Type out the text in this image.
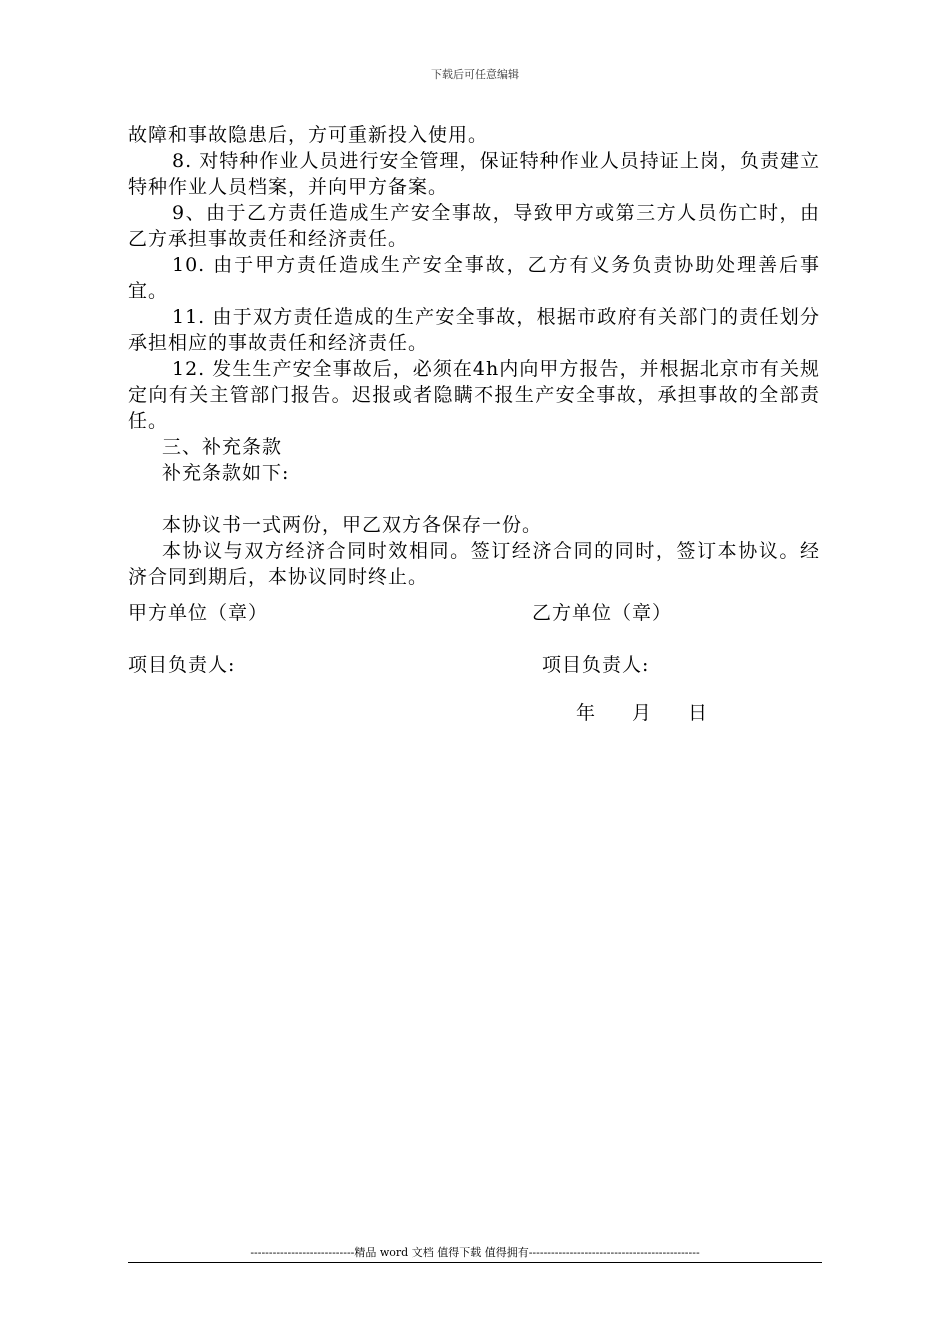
下载后可任意编辑

故障和事故隐患后，方可重新投入使用。

8. 对特种作业人员进行安全管理，保证特种作业人员持证上岗，负责建立特种作业人员档案，并向甲方备案。

9、由于乙方责任造成生产安全事故，导致甲方或第三方人员伤亡时，由乙方承担事故责任和经济责任。

10. 由于甲方责任造成生产安全事故，乙方有义务负责协助处理善后事宜。

11. 由于双方责任造成的生产安全事故，根据市政府有关部门的责任划分承担相应的事故责任和经济责任。

12. 发生生产安全事故后，必须在4h内向甲方报告，并根据北京市有关规定向有关主管部门报告。迟报或者隐瞒不报生产安全事故，承担事故的全部责任。

三、补充条款

补充条款如下:

本协议书一式两份，甲乙双方各保存一份。

本协议与双方经济合同时效相同。签订经济合同的同时，签订本协议。经济合同到期后，本协议同时终止。

甲方单位（章）	乙方单位（章）
项目负责人:	项目负责人:
年 月 日
----------------------------精品 word 文档 值得下载 值得拥有----------------------------------------------
